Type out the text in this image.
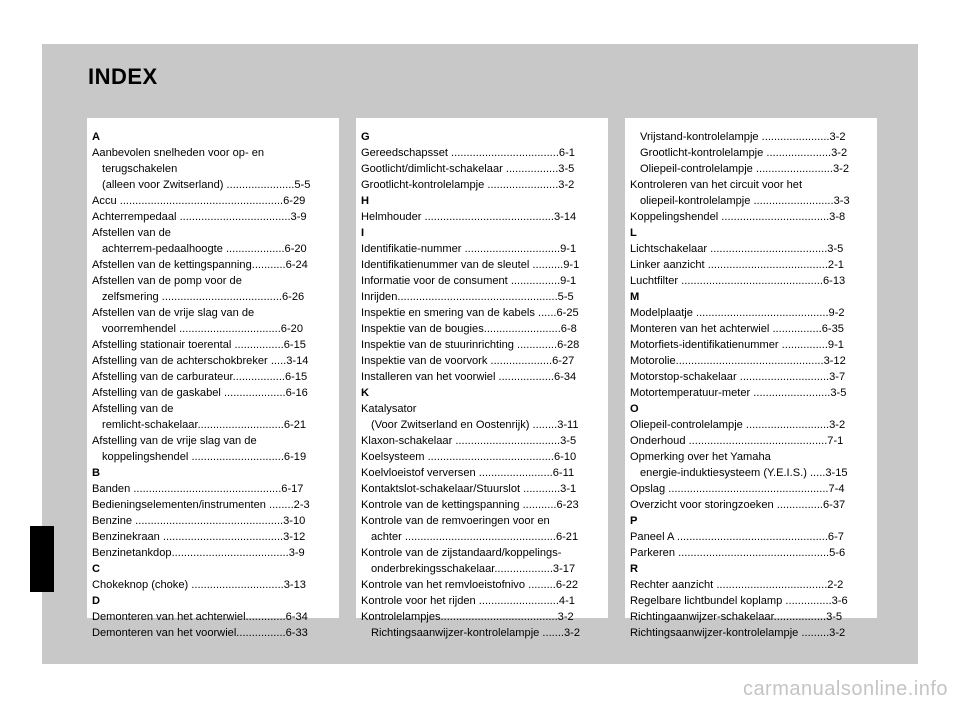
INDEX
A
Aanbevolen snelheden voor op- en
terugschakelen
(alleen voor Zwitserland) ......................5-5
Accu .....................................................6-29
Achterrempedaal ....................................3-9
Afstellen van de
achterrem-pedaalhoogte ...................6-20
Afstellen van de kettingspanning...........6-24
Afstellen van de pomp voor de
zelfsmering .......................................6-26
Afstellen van de vrije slag van de
voorremhendel .................................6-20
Afstelling stationair toerental ................6-15
Afstelling van de achterschokbreker .....3-14
Afstelling van de carburateur.................6-15
Afstelling van de gaskabel ....................6-16
Afstelling van de
remlicht-schakelaar............................6-21
Afstelling van de vrije slag van de
koppelingshendel ..............................6-19
B
Banden ................................................6-17
Bedieningselementen/instrumenten ........2-3
Benzine ................................................3-10
Benzinekraan .......................................3-12
Benzinetankdop......................................3-9
C
Chokeknop (choke) ..............................3-13
D
Demonteren van het achterwiel.............6-34
Demonteren van het voorwiel................6-33
G
Gereedschapsset ...................................6-1
Gootlicht/dimlicht-schakelaar .................3-5
Grootlicht-kontrolelampje .......................3-2
H
Helmhouder ..........................................3-14
I
Identifikatie-nummer ...............................9-1
Identifikatienummer van de sleutel ..........9-1
Informatie voor de consument ................9-1
Inrijden....................................................5-5
Inspektie en smering van de kabels ......6-25
Inspektie van de bougies.........................6-8
Inspektie van de stuurinrichting .............6-28
Inspektie van de voorvork ....................6-27
Installeren van het voorwiel ..................6-34
K
Katalysator
(Voor Zwitserland en Oostenrijk) ........3-11
Klaxon-schakelaar ..................................3-5
Koelsysteem .........................................6-10
Koelvloeistof verversen ........................6-11
Kontaktslot-schakelaar/Stuurslot ............3-1
Kontrole van de kettingspanning ...........6-23
Kontrole van de remvoeringen voor en
achter .................................................6-21
Kontrole van de zijstandaard/koppelings-
onderbrekingsschakelaar...................3-17
Kontrole van het remvloeistofnivo .........6-22
Kontrole voor het rijden ..........................4-1
Kontrolelampjes......................................3-2
Richtingsaanwijzer-kontrolelampje .......3-2
Vrijstand-kontrolelampje ......................3-2
Grootlicht-kontrolelampje .....................3-2
Oliepeil-controlelampje .........................3-2
Kontroleren van het circuit voor het
oliepeil-kontrolelampje ..........................3-3
Koppelingshendel ...................................3-8
L
Lichtschakelaar ......................................3-5
Linker aanzicht .......................................2-1
Luchtfilter ..............................................6-13
M
Modelplaatje ...........................................9-2
Monteren van het achterwiel ................6-35
Motorfiets-identifikatienummer ...............9-1
Motorolie................................................3-12
Motorstop-schakelaar .............................3-7
Motortemperatuur-meter .........................3-5
O
Oliepeil-controlelampje ...........................3-2
Onderhoud .............................................7-1
Opmerking over het Yamaha
energie-induktiesysteem (Y.E.I.S.) .....3-15
Opslag ....................................................7-4
Overzicht voor storingzoeken ...............6-37
P
Paneel A .................................................6-7
Parkeren .................................................5-6
R
Rechter aanzicht ....................................2-2
Regelbare lichtbundel koplamp ...............3-6
Richtingaanwijzer-schakelaar.................3-5
Richtingsaanwijzer-kontrolelampje .........3-2
carmanualsonline.info
